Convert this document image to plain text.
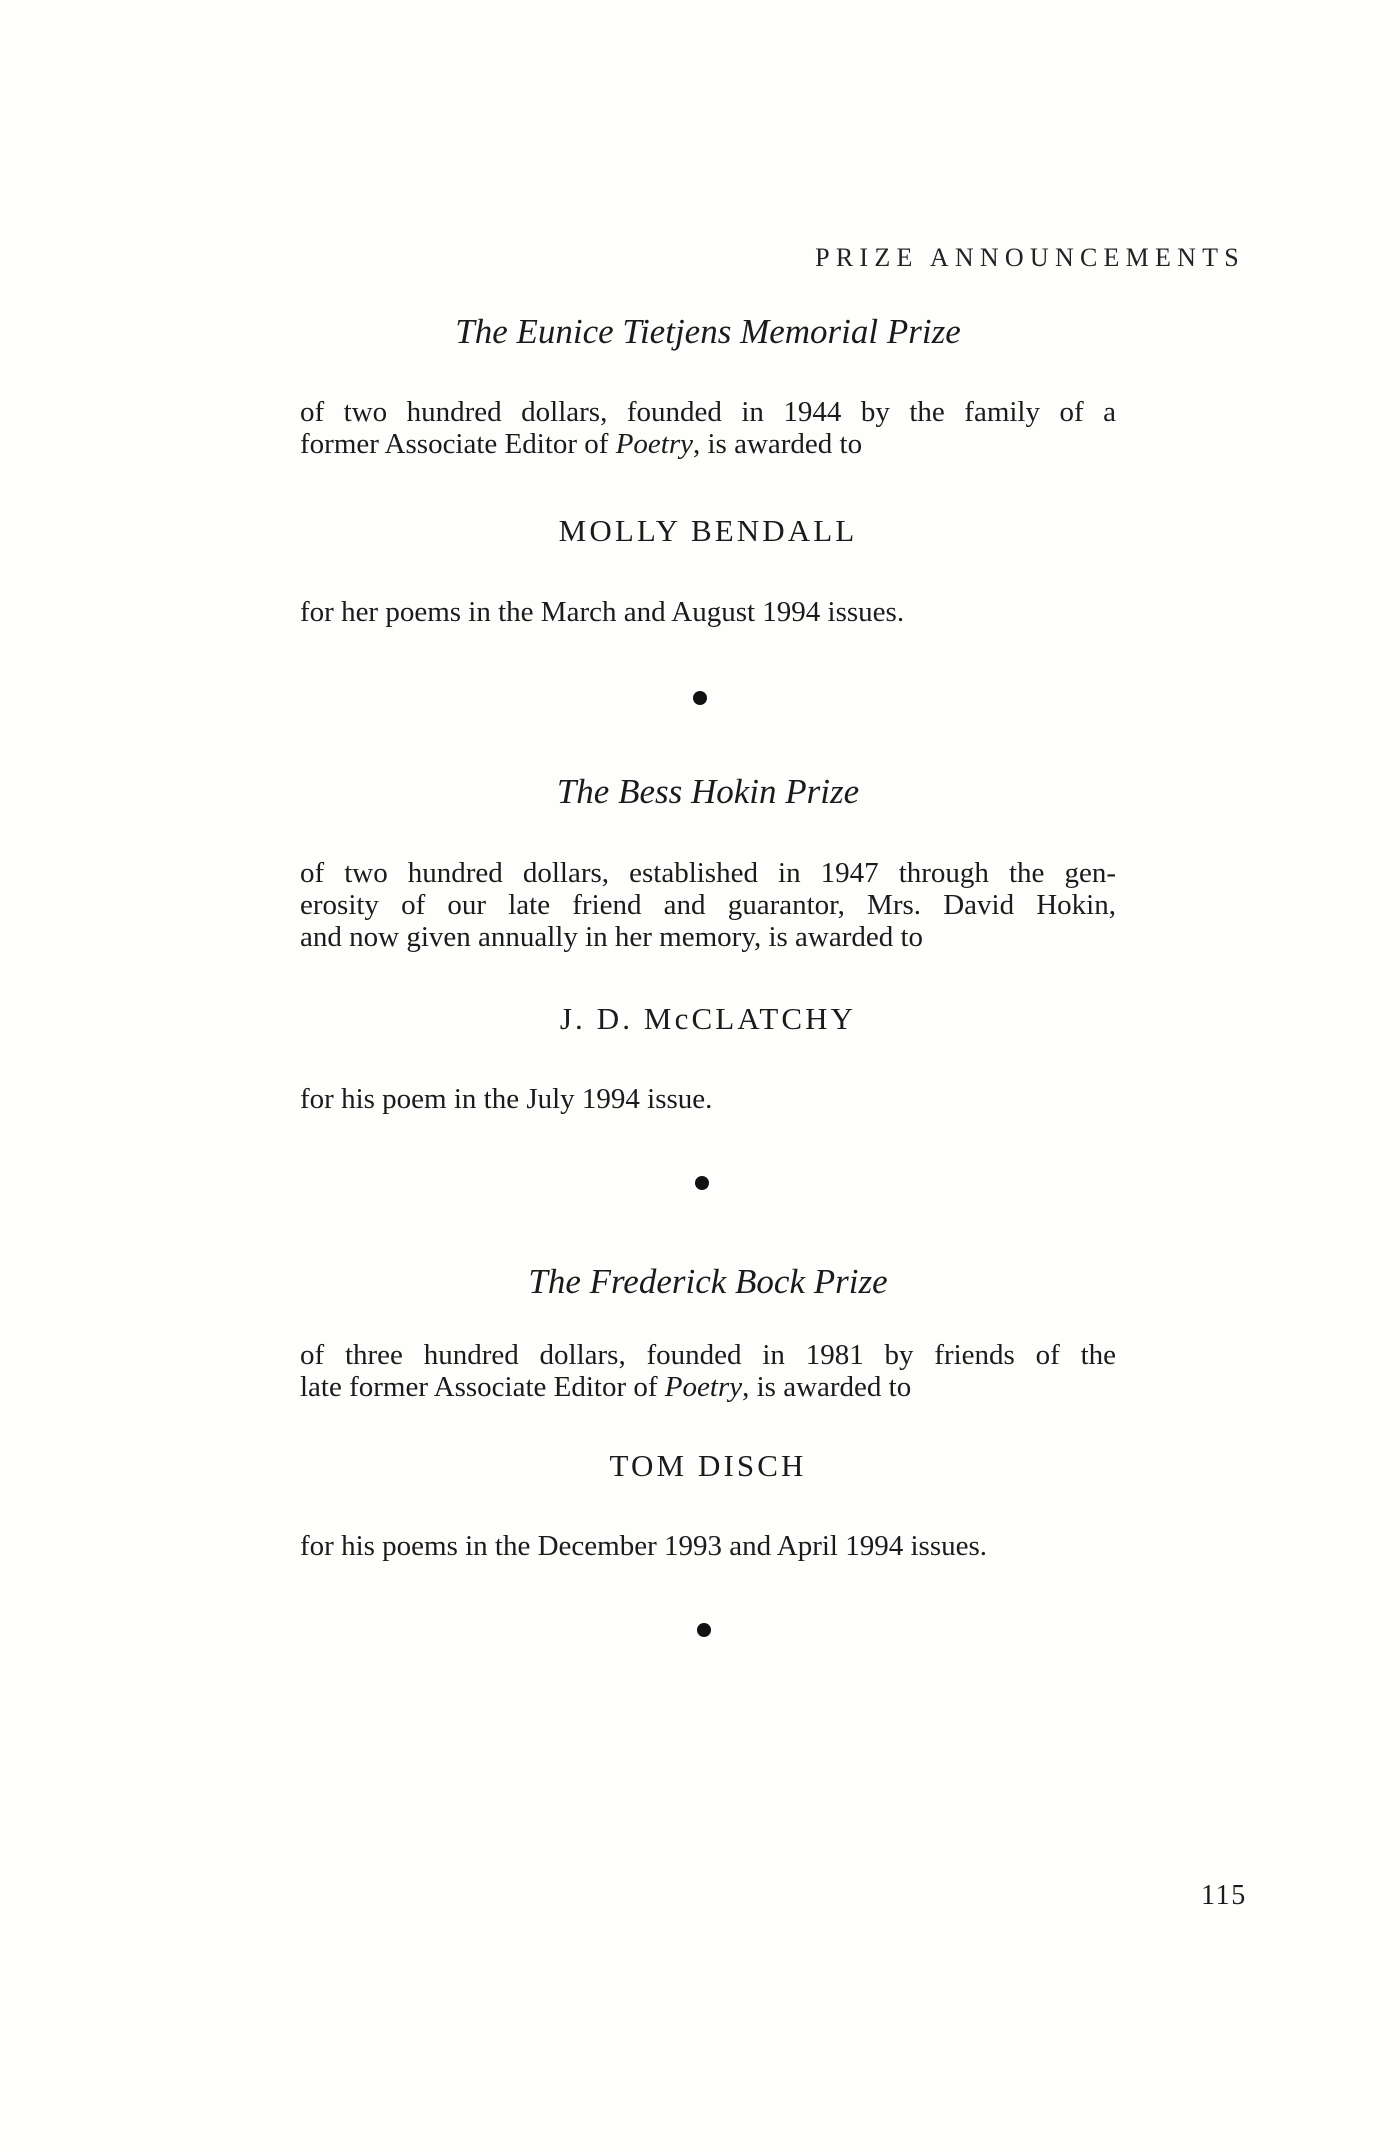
PRIZE ANNOUNCEMENTS
The Eunice Tietjens Memorial Prize
of two hundred dollars, founded in 1944 by the family of a
former Associate Editor of Poetry, is awarded to
MOLLY BENDALL
for her poems in the March and August 1994 issues.
The Bess Hokin Prize
of two hundred dollars, established in 1947 through the gen-
erosity of our late friend and guarantor, Mrs. David Hokin,
and now given annually in her memory, is awarded to
J. D. McCLATCHY
for his poem in the July 1994 issue.
The Frederick Bock Prize
of three hundred dollars, founded in 1981 by friends of the
late former Associate Editor of Poetry, is awarded to
TOM DISCH
for his poems in the December 1993 and April 1994 issues.
115
